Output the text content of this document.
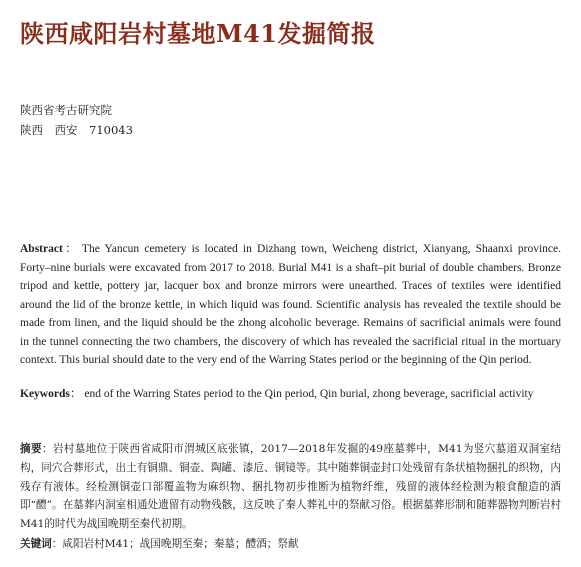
陕西咸阳岩村墓地M41发掘简报
陕西省考古研究院
陕西　西安　710043
Abstract： The Yancun cemetery is located in Dizhang town, Weicheng district, Xianyang, Shaanxi province. Forty–nine burials were excavated from 2017 to 2018. Burial M41 is a shaft–pit burial of double chambers. Bronze tripod and kettle, pottery jar, lacquer box and bronze mirrors were unearthed. Traces of textiles were identified around the lid of the bronze kettle, in which liquid was found. Scientific analysis has revealed the textile should be made from linen, and the liquid should be the zhong alcoholic beverage. Remains of sacrificial animals were found in the tunnel connecting the two chambers, the discovery of which has revealed the sacrificial ritual in the mortuary context. This burial should date to the very end of the Warring States period or the beginning of the Qin period.
Keywords： end of the Warring States period to the Qin period, Qin burial, zhong beverage, sacrificial activity
摘要：岩村墓地位于陕西省咸阳市渭城区底张镇，2017—2018年发掘的49座墓葬中，M41为竖穴墓道双洞室结构，同穴合葬形式，出土有铜鼎、铜壶、陶罐、漆卮、铜镜等。其中随葬铜壶封口处残留有条状植物捆扎的织物，内残存有液体。经检测铜壶口部覆盖物为麻织物、捆扎物初步推断为植物纤维，残留的液体经检测为粮食酿造的酒即“醴”。在墓葬内洞室相通处遗留有动物残骸，这反映了秦人葬礼中的祭献习俗。根据墓葬形制和随葬器物判断岩村M41的时代为战国晚期至秦代初期。
关键词：咸阳岩村M41；战国晚期至秦；秦墓；醴酒；祭献
